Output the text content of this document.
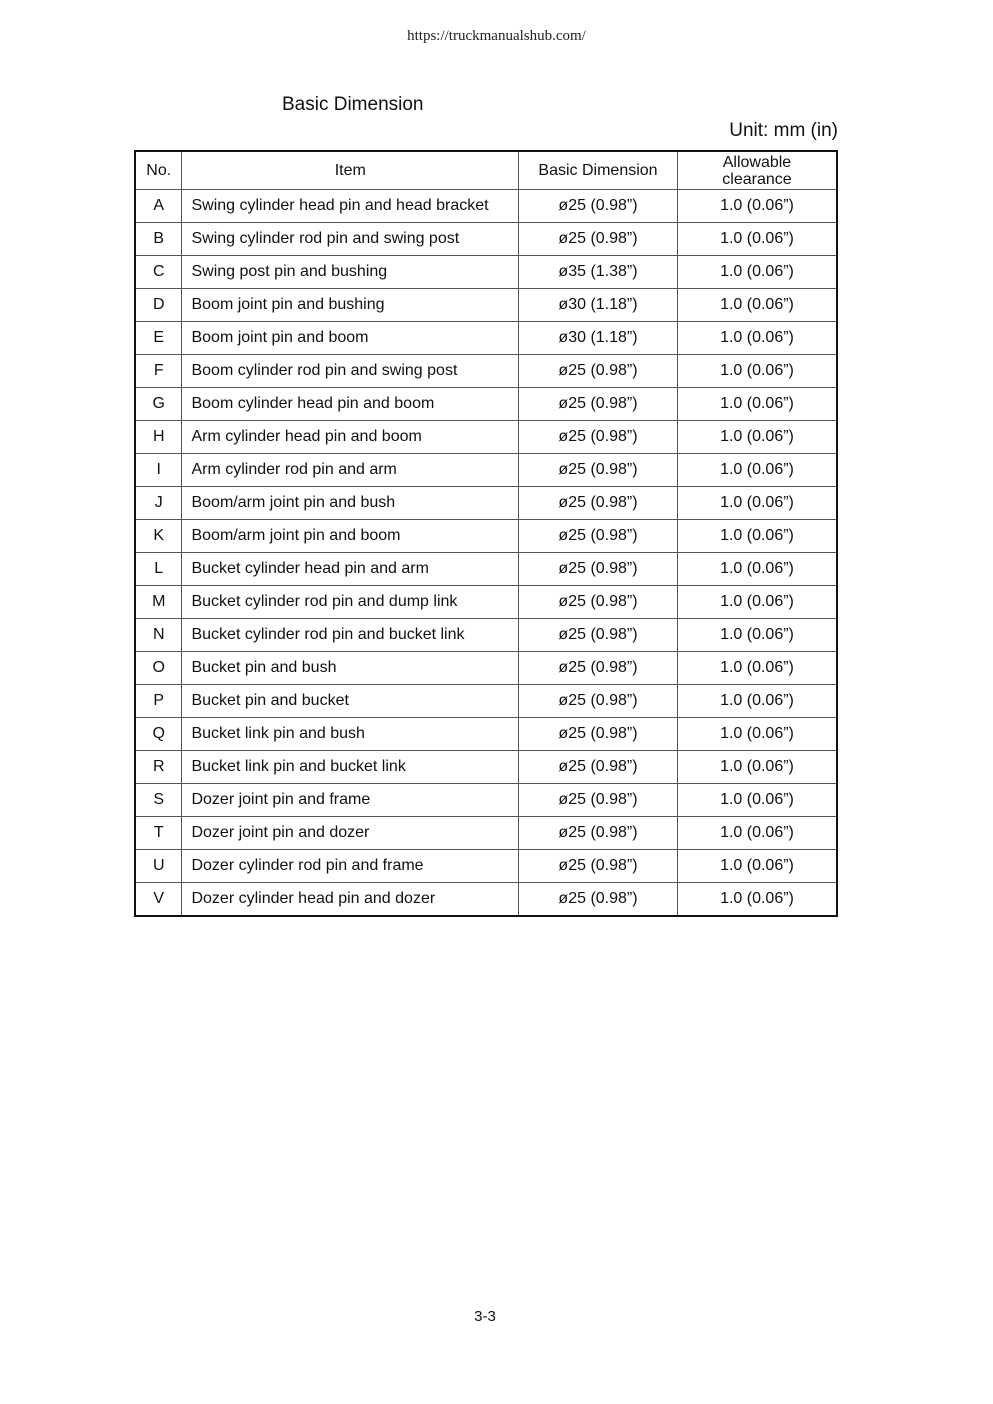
https://truckmanualshub.com/
Basic Dimension
Unit: mm (in)
No.	Item	Basic Dimension	Allowable clearance
A	Swing cylinder head pin and head bracket	ø25 (0.98”)	1.0 (0.06”)
B	Swing cylinder rod pin and swing post	ø25 (0.98”)	1.0 (0.06”)
C	Swing post pin and bushing	ø35 (1.38”)	1.0 (0.06”)
D	Boom joint pin and bushing	ø30 (1.18”)	1.0 (0.06”)
E	Boom joint pin and boom	ø30 (1.18”)	1.0 (0.06”)
F	Boom cylinder rod pin and swing post	ø25 (0.98”)	1.0 (0.06”)
G	Boom cylinder head pin and boom	ø25 (0.98”)	1.0 (0.06”)
H	Arm cylinder head pin and boom	ø25 (0.98”)	1.0 (0.06”)
I	Arm cylinder rod pin and arm	ø25 (0.98”)	1.0 (0.06”)
J	Boom/arm joint pin and bush	ø25 (0.98”)	1.0 (0.06”)
K	Boom/arm joint pin and boom	ø25 (0.98”)	1.0 (0.06”)
L	Bucket cylinder head pin and arm	ø25 (0.98”)	1.0 (0.06”)
M	Bucket cylinder rod pin and dump link	ø25 (0.98”)	1.0 (0.06”)
N	Bucket cylinder rod pin and bucket link	ø25 (0.98”)	1.0 (0.06”)
O	Bucket pin and bush	ø25 (0.98”)	1.0 (0.06”)
P	Bucket pin and bucket	ø25 (0.98”)	1.0 (0.06”)
Q	Bucket link pin and bush	ø25 (0.98”)	1.0 (0.06”)
R	Bucket link pin and bucket link	ø25 (0.98”)	1.0 (0.06”)
S	Dozer joint pin and frame	ø25 (0.98”)	1.0 (0.06”)
T	Dozer joint pin and dozer	ø25 (0.98”)	1.0 (0.06”)
U	Dozer cylinder rod pin and frame	ø25 (0.98”)	1.0 (0.06”)
V	Dozer cylinder head pin and dozer	ø25 (0.98”)	1.0 (0.06”)
3-3
